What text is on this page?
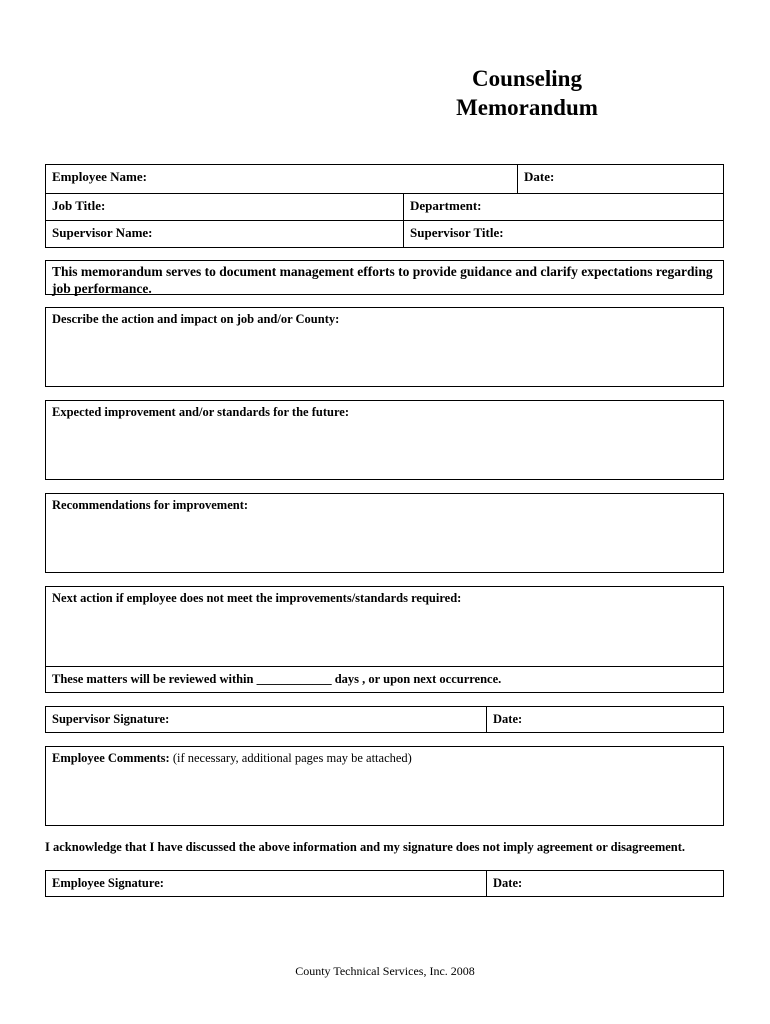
Counseling
Memorandum
Employee Name:	Date:
Job Title:	Department:
Supervisor Name:	Supervisor Title:
This memorandum serves to document management efforts to provide guidance and clarify expectations regarding job performance.
Describe the action and impact on job and/or County:
Expected improvement and/or standards for the future:
Recommendations for improvement:
Next action if employee does not meet the improvements/standards required:
These matters will be reviewed within ____________ days , or upon next occurrence.
Supervisor Signature:	Date:
Employee Comments: (if necessary, additional pages may be attached)
I acknowledge that I have discussed the above information and my signature does not imply agreement or disagreement.
Employee Signature:	Date:
County Technical Services, Inc. 2008
